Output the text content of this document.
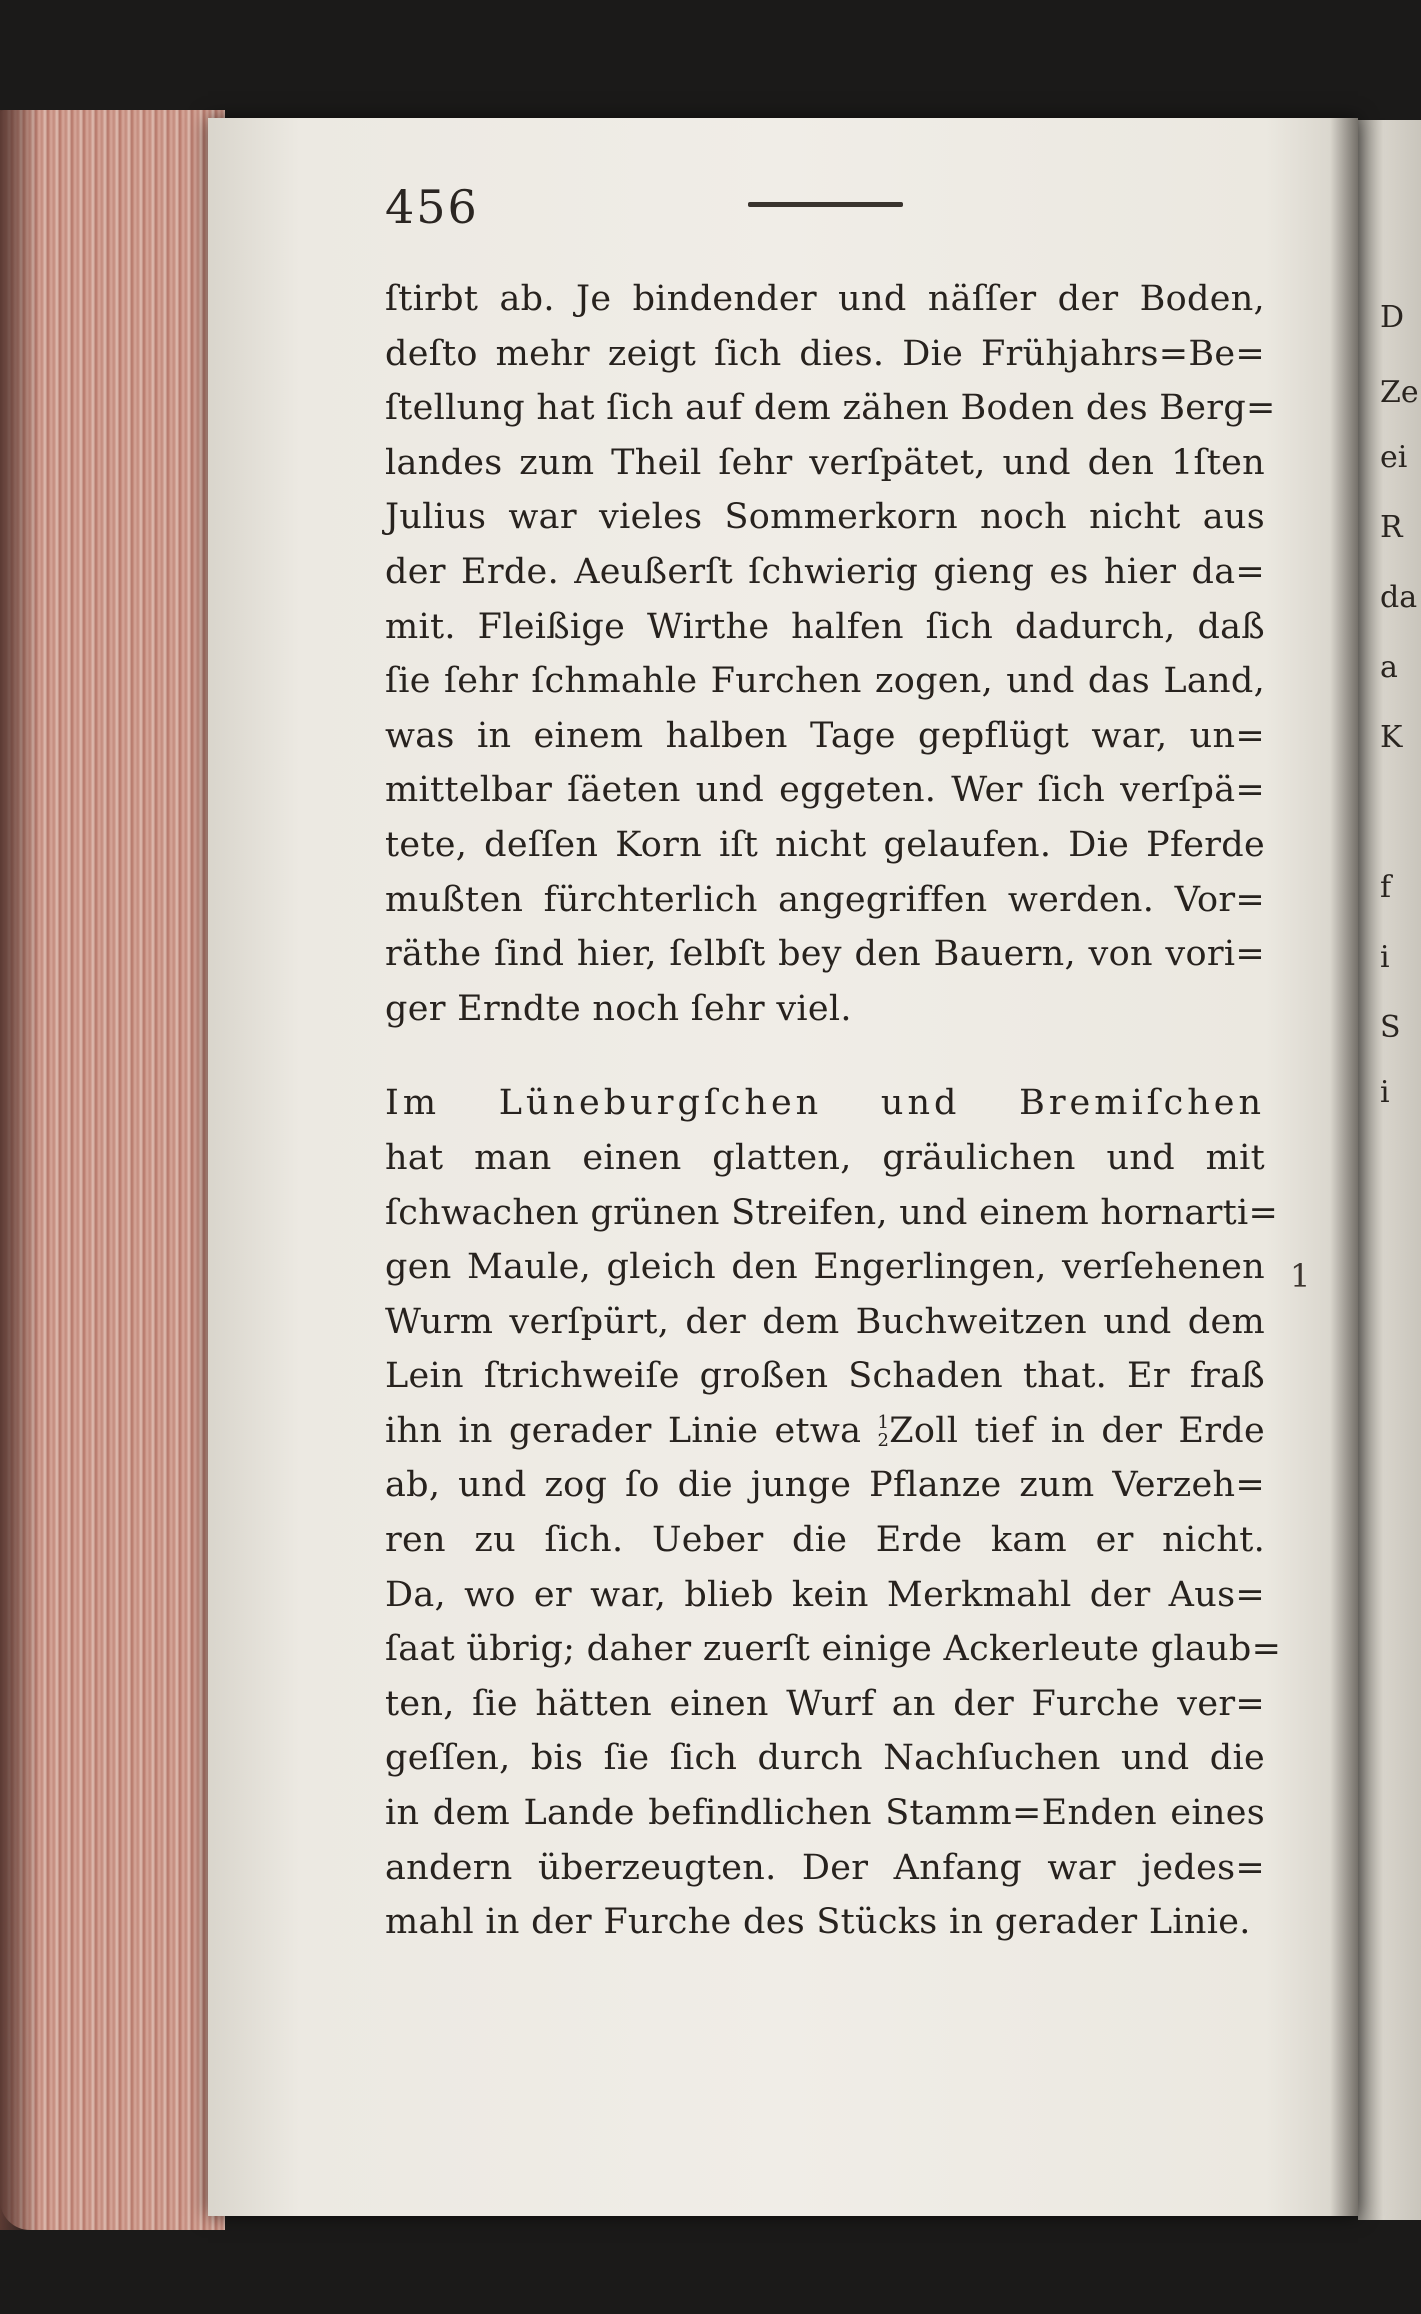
D
Ze
ei
R
da
a
K
f
i
S
i
456
ſtirbt ab. Je bindender und näſſer der Boden,
deſto mehr zeigt ſich dies. Die Frühjahrs=Be=
ſtellung hat ſich auf dem zähen Boden des Berg=
landes zum Theil ſehr verſpätet, und den 1ſten
Julius war vieles Sommerkorn noch nicht aus
der Erde. Aeußerſt ſchwierig gieng es hier da=
mit. Fleißige Wirthe halfen ſich dadurch, daß
ſie ſehr ſchmahle Furchen zogen, und das Land,
was in einem halben Tage gepflügt war, un=
mittelbar ſäeten und eggeten. Wer ſich verſpä=
tete, deſſen Korn iſt nicht gelaufen. Die Pferde
mußten fürchterlich angegriffen werden. Vor=
räthe ſind hier, ſelbſt bey den Bauern, von vori=
ger Erndte noch ſehr viel.
Im Lüneburgſchen und Bremiſchen
hat man einen glatten, gräulichen und mit
ſchwachen grünen Streifen, und einem hornarti=
gen Maule, gleich den Engerlingen, verſehenen
Wurm verſpürt, der dem Buchweitzen und dem
Lein ſtrichweiſe großen Schaden that. Er fraß
ihn in gerader Linie etwa 1
2 Zoll tief in der Erde
ab, und zog ſo die junge Pflanze zum Verzeh=
ren zu ſich. Ueber die Erde kam er nicht.
Da, wo er war, blieb kein Merkmahl der Aus=
ſaat übrig; daher zuerſt einige Ackerleute glaub=
ten, ſie hätten einen Wurf an der Furche ver=
geſſen, bis ſie ſich durch Nachſuchen und die
in dem Lande befindlichen Stamm=Enden eines
andern überzeugten. Der Anfang war jedes=
mahl in der Furche des Stücks in gerader Linie.
1
